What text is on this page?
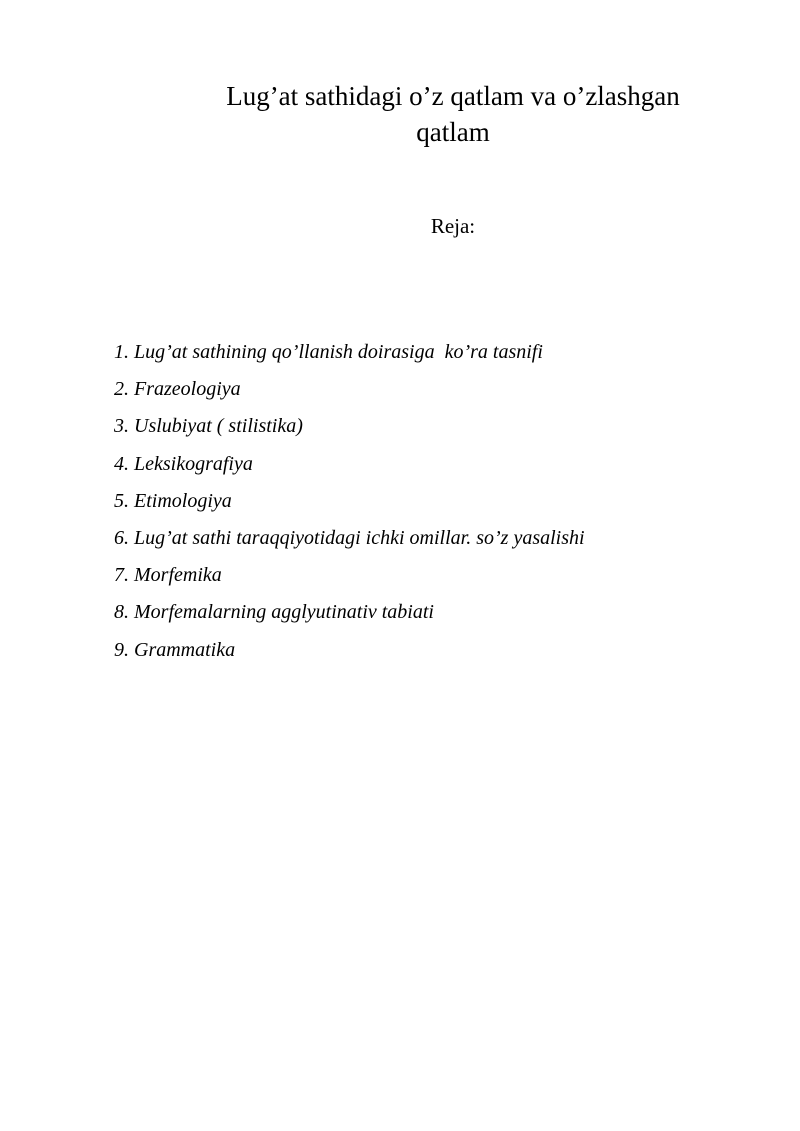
Lug’at sathidagi o’z qatlam va o’zlashgan
qatlam
Reja:
1. Lug’at sathining qo’llanish doirasiga  ko’ra tasnifi
2. Frazeologiya
3. Uslubiyat ( stilistika)
4. Leksikografiya
5. Etimologiya
6. Lug’at sathi taraqqiyotidagi ichki omillar. so’z yasalishi
7. Morfemika
8. Morfemalarning agglyutinativ tabiati
9. Grammatika
